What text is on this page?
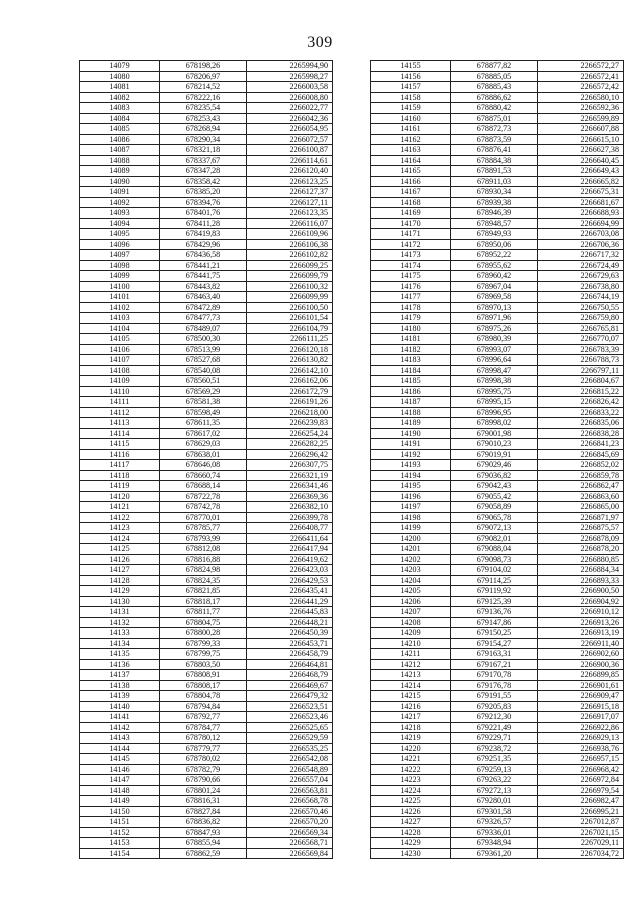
309
14079	678198,26	2265994,90
14080	678206,97	2265998,27
14081	678214,52	2266003,58
14082	678222,16	2266008,80
14083	678235,54	2266022,77
14084	678253,43	2266042,36
14085	678268,94	2266054,95
14086	678290,34	2266072,57
14087	678321,18	2266100,87
14088	678337,67	2266114,61
14089	678347,28	2266120,40
14090	678358,42	2266123,25
14091	678385,20	2266127,37
14092	678394,76	2266127,11
14093	678401,76	2266123,35
14094	678411,28	2266116,07
14095	678419,83	2266109,96
14096	678429,96	2266106,38
14097	678436,58	2266102,82
14098	678441,21	2266099,25
14099	678441,75	2266099,79
14100	678443,82	2266100,32
14101	678463,40	2266099,99
14102	678472,89	2266100,50
14103	678477,73	2266101,54
14104	678489,07	2266104,79
14105	678500,30	2266111,25
14106	678513,99	2266120,18
14107	678527,68	2266130,82
14108	678540,08	2266142,10
14109	678560,51	2266162,06
14110	678569,29	2266172,79
14111	678581,38	2266191,26
14112	678598,49	2266218,00
14113	678611,35	2266239,83
14114	678617,02	2266254,24
14115	678629,03	2266282,25
14116	678638,01	2266296,42
14117	678646,08	2266307,75
14118	678660,74	2266321,19
14119	678688,14	2266341,46
14120	678722,78	2266369,36
14121	678742,78	2266382,10
14122	678770,01	2266399,78
14123	678785,77	2266408,77
14124	678793,99	2266411,64
14125	678812,08	2266417,94
14126	678816,88	2266419,62
14127	678824,98	2266423,03
14128	678824,35	2266429,53
14129	678821,85	2266435,41
14130	678818,17	2266441,29
14131	678811,77	2266445,83
14132	678804,75	2266448,21
14133	678800,28	2266450,39
14134	678799,33	2266453,71
14135	678799,75	2266458,79
14136	678803,50	2266464,81
14137	678808,91	2266468,79
14138	678808,17	2266469,67
14139	678804,78	2266479,32
14140	678794,84	2266523,51
14141	678792,77	2266523,46
14142	678784,77	2266525,65
14143	678780,12	2266529,59
14144	678779,77	2266535,25
14145	678780,02	2266542,08
14146	678782,79	2266548,89
14147	678790,66	2266557,04
14148	678801,24	2266563,81
14149	678816,31	2266568,78
14150	678827,84	2266570,46
14151	678836,82	2266570,20
14152	678847,93	2266569,34
14153	678855,94	2266568,71
14154	678862,59	2266569,84
14155	678877,82	2266572,27
14156	678885,05	2266572,41
14157	678885,43	2266572,42
14158	678886,62	2266580,10
14159	678880,42	2266592,36
14160	678875,01	2266599,89
14161	678872,73	2266607,88
14162	678873,59	2266615,10
14163	678876,41	2266627,38
14164	678884,38	2266640,45
14165	678891,53	2266649,43
14166	678911,03	2266665,82
14167	678930,34	2266675,31
14168	678939,38	2266681,67
14169	678946,39	2266688,93
14170	678948,57	2266694,99
14171	678949,93	2266703,08
14172	678950,06	2266706,36
14173	678952,22	2266717,32
14174	678955,62	2266724,49
14175	678960,42	2266729,63
14176	678967,04	2266738,80
14177	678969,58	2266744,19
14178	678970,13	2266750,55
14179	678971,96	2266759,80
14180	678975,26	2266765,81
14181	678980,39	2266770,07
14182	678993,07	2266783,39
14183	678996,64	2266788,73
14184	678998,47	2266797,11
14185	678998,38	2266804,67
14186	678995,75	2266815,22
14187	678995,15	2266826,42
14188	678996,95	2266833,22
14189	678998,02	2266835,06
14190	679001,98	2266838,28
14191	679010,23	2266841,23
14192	679019,91	2266845,69
14193	679029,46	2266852,02
14194	679036,82	2266859,78
14195	679042,43	2266862,47
14196	679055,42	2266863,60
14197	679058,89	2266865,00
14198	679065,78	2266871,97
14199	679072,13	2266875,57
14200	679082,01	2266878,09
14201	679088,04	2266878,20
14202	679098,73	2266880,85
14203	679104,02	2266884,34
14204	679114,25	2266893,33
14205	679119,92	2266900,50
14206	679125,39	2266904,92
14207	679136,76	2266910,12
14208	679147,86	2266913,26
14209	679150,25	2266913,19
14210	679154,27	2266911,40
14211	679163,31	2266902,60
14212	679167,21	2266900,36
14213	679170,78	2266899,85
14214	679176,78	2266901,61
14215	679191,55	2266909,47
14216	679205,83	2266915,18
14217	679212,30	2266917,07
14218	679221,49	2266922,86
14219	679229,71	2266929,13
14220	679238,72	2266938,76
14221	679251,35	2266957,15
14222	679259,13	2266968,42
14223	679263,22	2266972,84
14224	679272,13	2266979,54
14225	679280,01	2266982,47
14226	679301,58	2266995,21
14227	679326,57	2267012,87
14228	679336,01	2267021,15
14229	679348,94	2267029,11
14230	679361,20	2267034,72
